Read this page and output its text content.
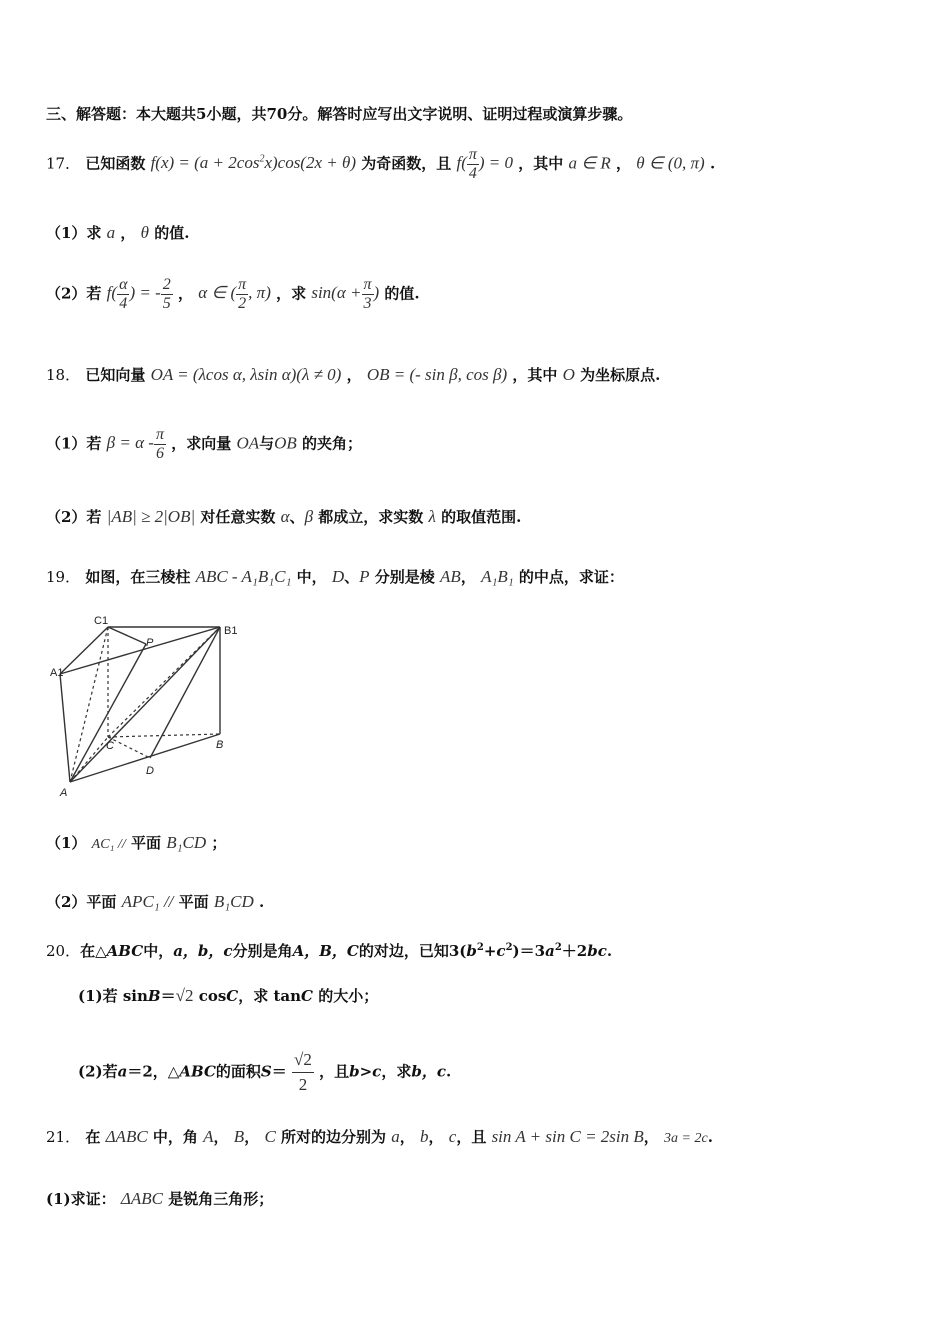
三、解答题：本大题共5小题，共70分。解答时应写出文字说明、证明过程或演算步骤。
17． 已知函数 $f(x) = (a + 2\cos^2x)\cos(2x + \theta)$ 为奇函数，且 $f( \frac{\pi}{4}$ ) = 0 ，其中 a ∈ R ， θ ∈ (0, π) .
（1）求 a ， θ 的值.
（2）若 $f( \frac{\alpha}{4}$ ) = - $\frac{2}{5}$ ， α ∈ ( $\frac{\pi}{2}$ , π) ，求 $\sin(\alpha + \frac{\pi}{3}$ ) 的值.
18． 已知向量 OA = (λcos α, λsin α)(λ ≠ 0) ， OB = (- sin β, cos β) ，其中 O 为坐标原点.
（1）若 $\beta = \alpha - \frac{\pi}{6}$ ，求向量 OA与OB 的夹角；
（2）若 |AB| ≥ 2|OB| 对任意实数 α、β 都成立，求实数 λ 的取值范围.
19． 如图，在三棱柱 ABC - A₁B₁C₁ 中， D、P 分别是棱 AB， A₁B₁ 的中点，求证：
C1
B1
A1
P
C	B
D
A
（1） AC₁ // 平面 B₁CD ；
（2）平面 APC₁ // 平面 B₁CD .
20．在△ABC中，a，b，c分别是角A，B，C的对边，已知$3(b^2+c^2)=3a^2+2bc$.
(1)若 sinB＝√2 cosC，求 tanC 的大小；
(2)若a＝2，△ABC的面积$S= \frac{√2}{2}$ ，且b>c，求b，c.
21． 在 ΔABC 中，角 A， B， C 所对的边分别为 a， b， c，且 sin A + sin C = 2sin B， 3a = 2c.
(1)求证： ΔABC 是锐角三角形；
